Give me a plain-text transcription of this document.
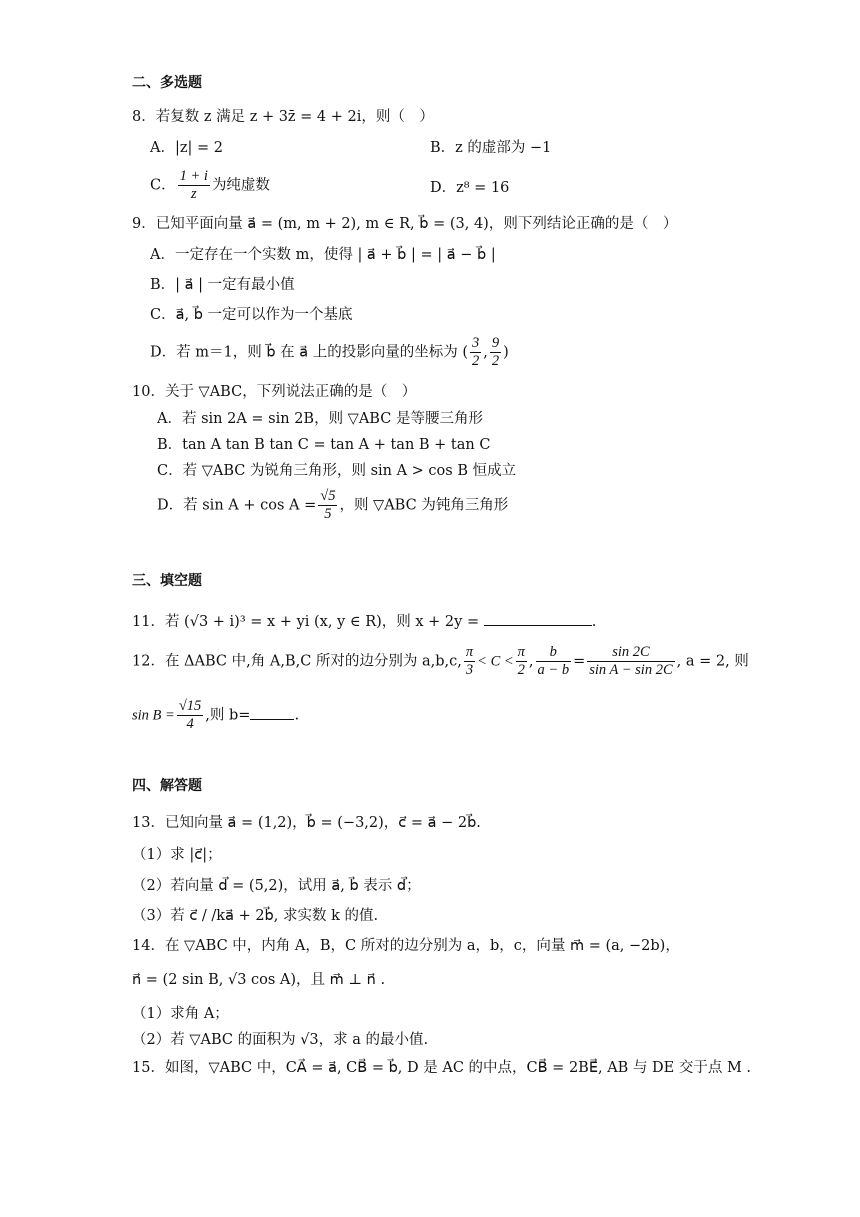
二、多选题
8．若复数 z 满足 z + 3z̄ = 4 + 2i，则（　）
A．|z| = 2	B．z 的虚部为 −1
C． $\frac{1 + i}{z}$ 为纯虚数	D．z⁸ = 16
9．已知平面向量 a⃗ = (m, m + 2), m ∈ R, b⃗ = (3, 4)，则下列结论正确的是（　）
A．一定存在一个实数 m，使得 | a⃗ + b⃗ | = | a⃗ − b⃗ |
B．| a⃗ | 一定有最小值
C．a⃗, b⃗ 一定可以作为一个基底
D．若 m＝1，则 b⃗ 在 a⃗ 上的投影向量的坐标为 ( $\frac{3}{2}$ , $\frac{9}{2}$ )
10．关于 ▽ABC，下列说法正确的是（　）
A．若 sin 2A = sin 2B，则 ▽ABC 是等腰三角形
B．tan A tan B tan C = tan A + tan B + tan C
C．若 ▽ABC 为锐角三角形，则 sin A > cos B 恒成立
D．若 $\sin A + \cos A = \frac{√5}{5}$ ，则 ▽ABC 为钝角三角形
三、填空题
11．若 (√3 + i)³ = x + yi (x, y ∈ R)，则 x + 2y =	.
12．在 ΔABC 中,角 A,B,C 所对的边分别为 a,b,c, $\frac{\pi}{3} < C < \frac{\pi}{2}$ , $\frac{b}{a - b} = \frac{\sin 2C}{\text{sin A − sin 2C}}$ , a = 2, 则
$\sin B = \frac{√15}{4}$ ,则 b=	.
四、解答题
13．已知向量 a⃗ = (1,2)，b⃗ = (−3,2)，c⃗ = a⃗ − 2b⃗.
（1）求 |c⃗|；
（2）若向量 d⃗ = (5,2)，试用 a⃗, b⃗ 表示 d⃗；
（3）若 c⃗ / /ka⃗ + 2b⃗, 求实数 k 的值.
14．在 ▽ABC 中，内角 A，B，C 所对的边分别为 a，b，c，向量 m⃗ = (a, −2b)，
n⃗ = (2 sin B, √3 cos A)，且 m⃗ ⊥ n⃗ .
（1）求角 A；
（2）若 ▽ABC 的面积为 √3，求 a 的最小值.
15．如图，▽ABC 中，CA⃗ = a⃗, CB⃗ = b⃗, D 是 AC 的中点，CB⃗ = 2BE⃗, AB 与 DE 交于点 M .
